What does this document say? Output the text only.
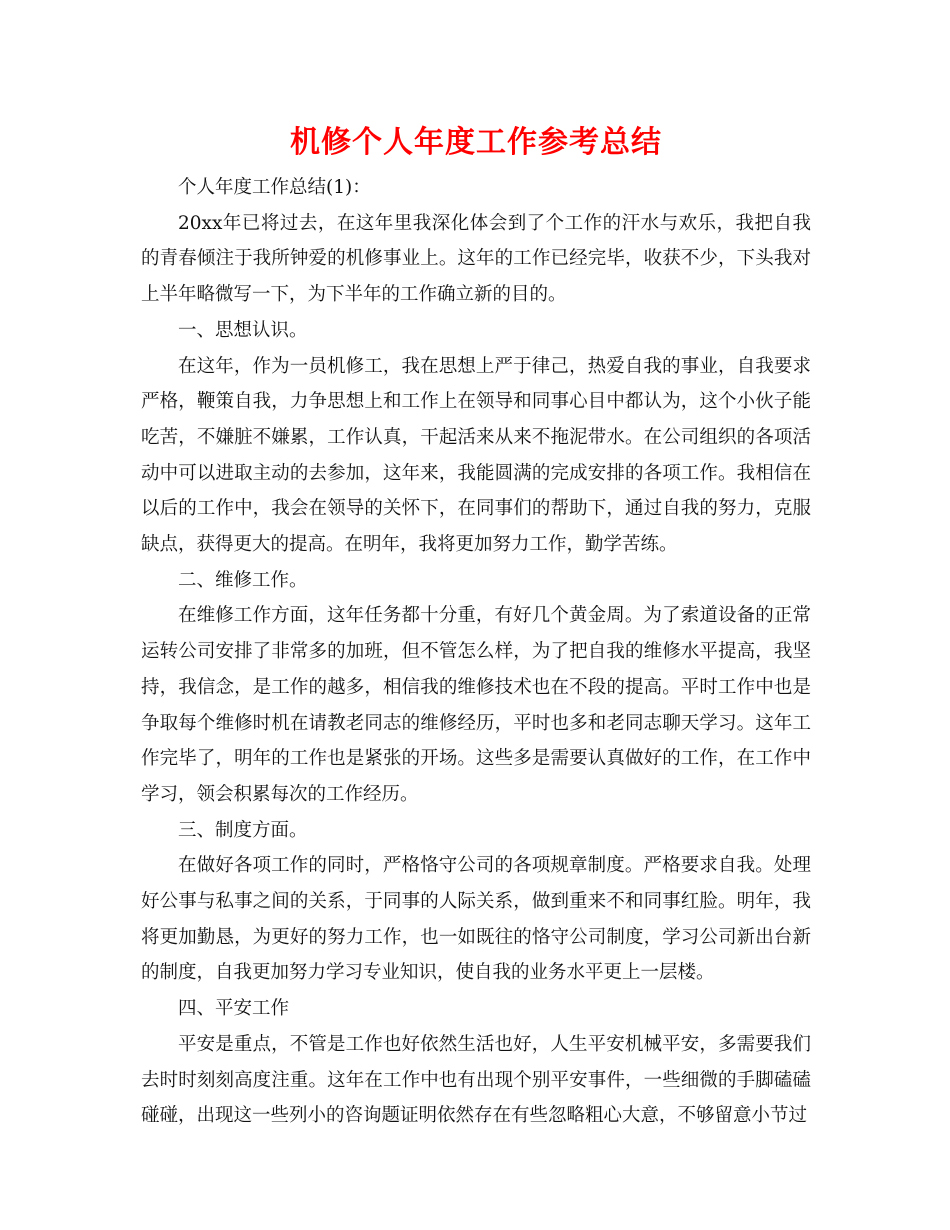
机修个人年度工作参考总结

个人年度工作总结(1)：

20xx年已将过去，在这年里我深化体会到了个工作的汗水与欢乐，我把自我的青春倾注于我所钟爱的机修事业上。这年的工作已经完毕，收获不少，下头我对上半年略微写一下，为下半年的工作确立新的目的。

一、思想认识。

在这年，作为一员机修工，我在思想上严于律己，热爱自我的事业，自我要求严格，鞭策自我，力争思想上和工作上在领导和同事心目中都认为，这个小伙子能吃苦，不嫌脏不嫌累，工作认真，干起活来从来不拖泥带水。在公司组织的各项活动中可以进取主动的去参加，这年来，我能圆满的完成安排的各项工作。我相信在以后的工作中，我会在领导的关怀下，在同事们的帮助下，通过自我的努力，克服缺点，获得更大的提高。在明年，我将更加努力工作，勤学苦练。

二、维修工作。

在维修工作方面，这年任务都十分重，有好几个黄金周。为了索道设备的正常运转公司安排了非常多的加班，但不管怎么样，为了把自我的维修水平提高，我坚持，我信念，是工作的越多，相信我的维修技术也在不段的提高。平时工作中也是争取每个维修时机在请教老同志的维修经历，平时也多和老同志聊天学习。这年工作完毕了，明年的工作也是紧张的开场。这些多是需要认真做好的工作，在工作中学习，领会积累每次的工作经历。

三、制度方面。

在做好各项工作的同时，严格恪守公司的各项规章制度。严格要求自我。处理好公事与私事之间的关系，于同事的人际关系，做到重来不和同事红脸。明年，我将更加勤恳，为更好的努力工作，也一如既往的恪守公司制度，学习公司新出台新的制度，自我更加努力学习专业知识，使自我的业务水平更上一层楼。

四、平安工作

平安是重点，不管是工作也好依然生活也好，人生平安机械平安，多需要我们去时时刻刻高度注重。这年在工作中也有出现个别平安事件，一些细微的手脚磕磕碰碰，出现这一些列小的咨询题证明依然存在有些忽略粗心大意，不够留意小节过
